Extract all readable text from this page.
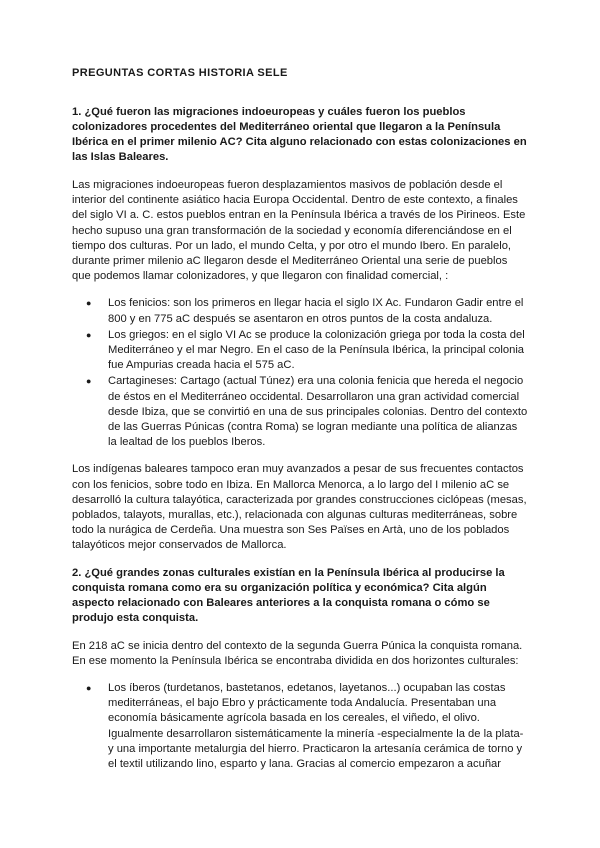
PREGUNTAS CORTAS HISTORIA SELE
1. ¿Qué fueron las migraciones indoeuropeas y cuáles fueron los pueblos colonizadores procedentes del Mediterráneo oriental que llegaron a la Península Ibérica en el primer milenio AC? Cita alguno relacionado con estas colonizaciones en las Islas Baleares.

Las migraciones indoeuropeas fueron desplazamientos masivos de población desde el interior del continente asiático hacia Europa Occidental. Dentro de este contexto, a finales del siglo VI a. C. estos pueblos entran en la Península Ibérica a través de los Pirineos. Este hecho supuso una gran transformación de la sociedad y economía diferenciándose en el tiempo dos culturas. Por un lado, el mundo Celta, y por otro el mundo Ibero. En paralelo, durante primer milenio aC llegaron desde el Mediterráneo Oriental una serie de pueblos que podemos llamar colonizadores, y que llegaron con finalidad comercial, :

● Los fenicios: son los primeros en llegar hacia el siglo IX Ac. Fundaron Gadir entre el 800 y en 775 aC después se asentaron en otros puntos de la costa andaluza.
● Los griegos: en el siglo VI Ac se produce la colonización griega por toda la costa del Mediterráneo y el mar Negro. En el caso de la Península Ibérica, la principal colonia fue Ampurias creada hacia el 575 aC.
● Cartagineses: Cartago (actual Túnez) era una colonia fenicia que hereda el negocio de éstos en el Mediterráneo occidental. Desarrollaron una gran actividad comercial desde Ibiza, que se convirtió en una de sus principales colonias. Dentro del contexto de las Guerras Púnicas (contra Roma) se logran mediante una política de alianzas la lealtad de los pueblos Iberos.

Los indígenas baleares tampoco eran muy avanzados a pesar de sus frecuentes contactos con los fenicios, sobre todo en Ibiza. En Mallorca Menorca, a lo largo del I milenio aC se desarrolló la cultura talayótica, caracterizada por grandes construcciones ciclópeas (mesas, poblados, talayots, murallas, etc.), relacionada con algunas culturas mediterráneas, sobre todo la nurágica de Cerdeña. Una muestra son Ses Païses en Artà, uno de los poblados talayóticos mejor conservados de Mallorca.

2. ¿Qué grandes zonas culturales existían en la Península Ibérica al producirse la conquista romana como era su organización política y económica? Cita algún aspecto relacionado con Baleares anteriores a la conquista romana o cómo se produjo esta conquista.

En 218 aC se inicia dentro del contexto de la segunda Guerra Púnica la conquista romana. En ese momento la Península Ibérica se encontraba dividida en dos horizontes culturales:

● Los íberos (turdetanos, bastetanos, edetanos, layetanos...) ocupaban las costas mediterráneas, el bajo Ebro y prácticamente toda Andalucía. Presentaban una economía básicamente agrícola basada en los cereales, el viñedo, el olivo. Igualmente desarrollaron sistemáticamente la minería -especialmente la de la plata- y una importante metalurgia del hierro. Practicaron la artesanía cerámica de torno y el textil utilizando lino, esparto y lana. Gracias al comercio empezaron a acuñar
